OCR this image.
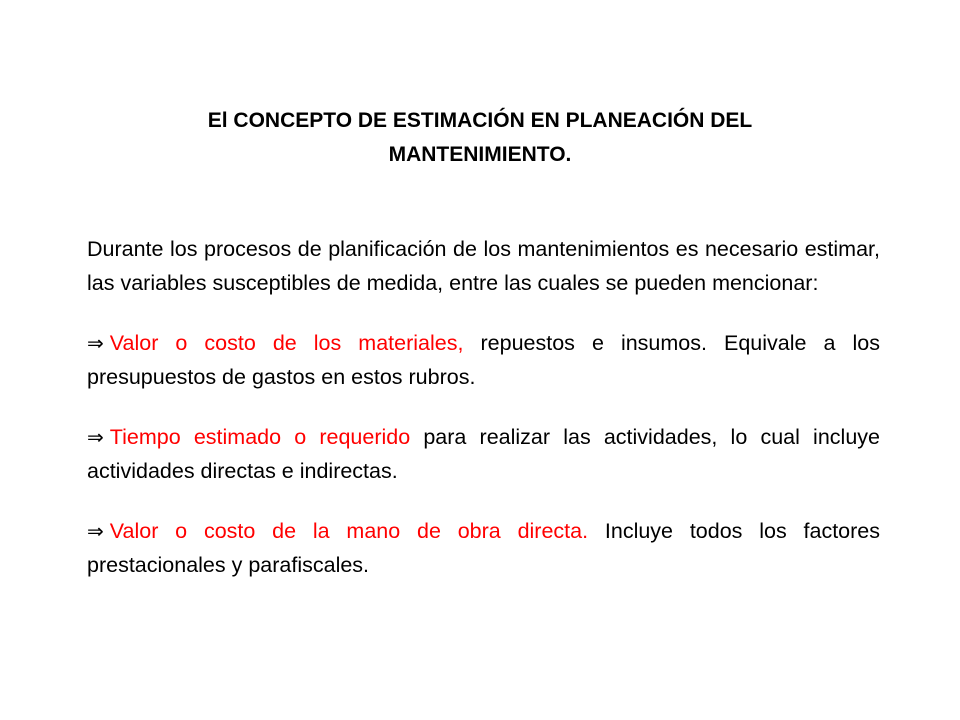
El CONCEPTO DE ESTIMACIÓN EN PLANEACIÓN DEL
MANTENIMIENTO.

Durante los procesos de planificación de los mantenimientos es necesario estimar, las variables susceptibles de medida, entre las cuales se pueden mencionar:

⇒ Valor o costo de los materiales, repuestos e insumos. Equivale a los presupuestos de gastos en estos rubros.

⇒ Tiempo estimado o requerido para realizar las actividades, lo cual incluye actividades directas e indirectas.

⇒ Valor o costo de la mano de obra directa. Incluye todos los factores prestacionales y parafiscales.
